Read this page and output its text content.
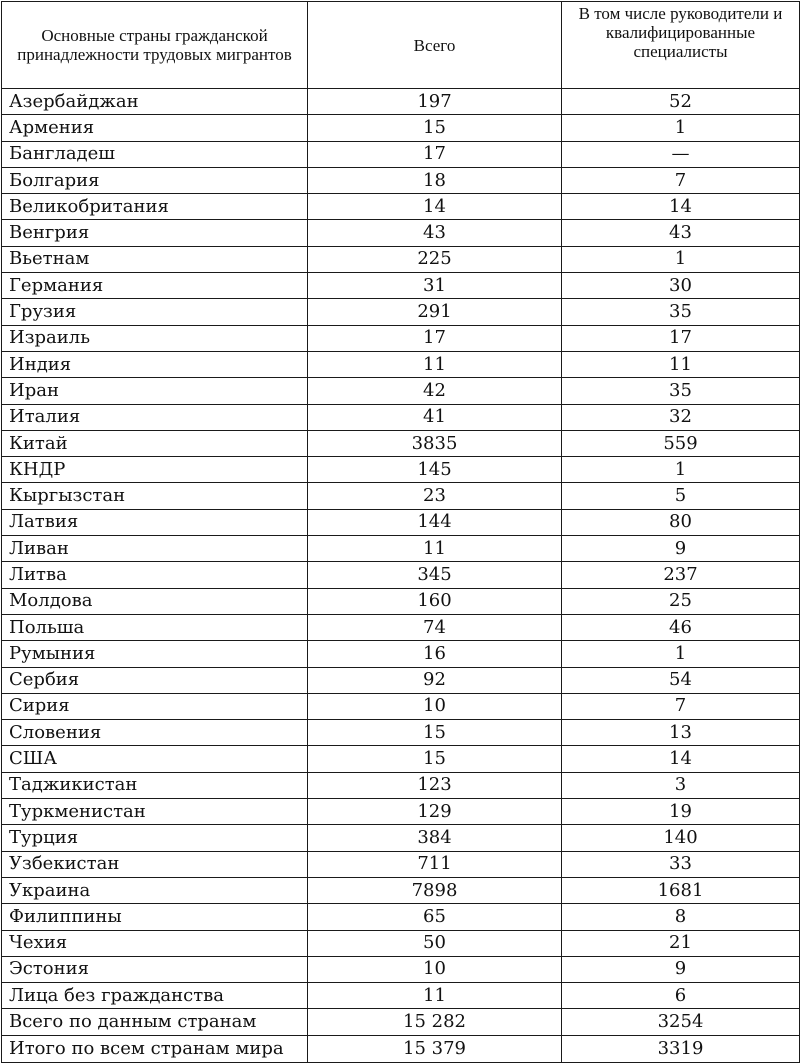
Основные страны гражданской принадлежности трудовых мигрантов	Всего	В том числе руководители и квалифицированные специалисты
Азербайджан	197	52
Армения	15	1
Бангладеш	17	—
Болгария	18	7
Великобритания	14	14
Венгрия	43	43
Вьетнам	225	1
Германия	31	30
Грузия	291	35
Израиль	17	17
Индия	11	11
Иран	42	35
Италия	41	32
Китай	3835	559
КНДР	145	1
Кыргызстан	23	5
Латвия	144	80
Ливан	11	9
Литва	345	237
Молдова	160	25
Польша	74	46
Румыния	16	1
Сербия	92	54
Сирия	10	7
Словения	15	13
США	15	14
Таджикистан	123	3
Туркменистан	129	19
Турция	384	140
Узбекистан	711	33
Украина	7898	1681
Филиппины	65	8
Чехия	50	21
Эстония	10	9
Лица без гражданства	11	6
Всего по данным странам	15 282	3254
Итого по всем странам мира	15 379	3319
